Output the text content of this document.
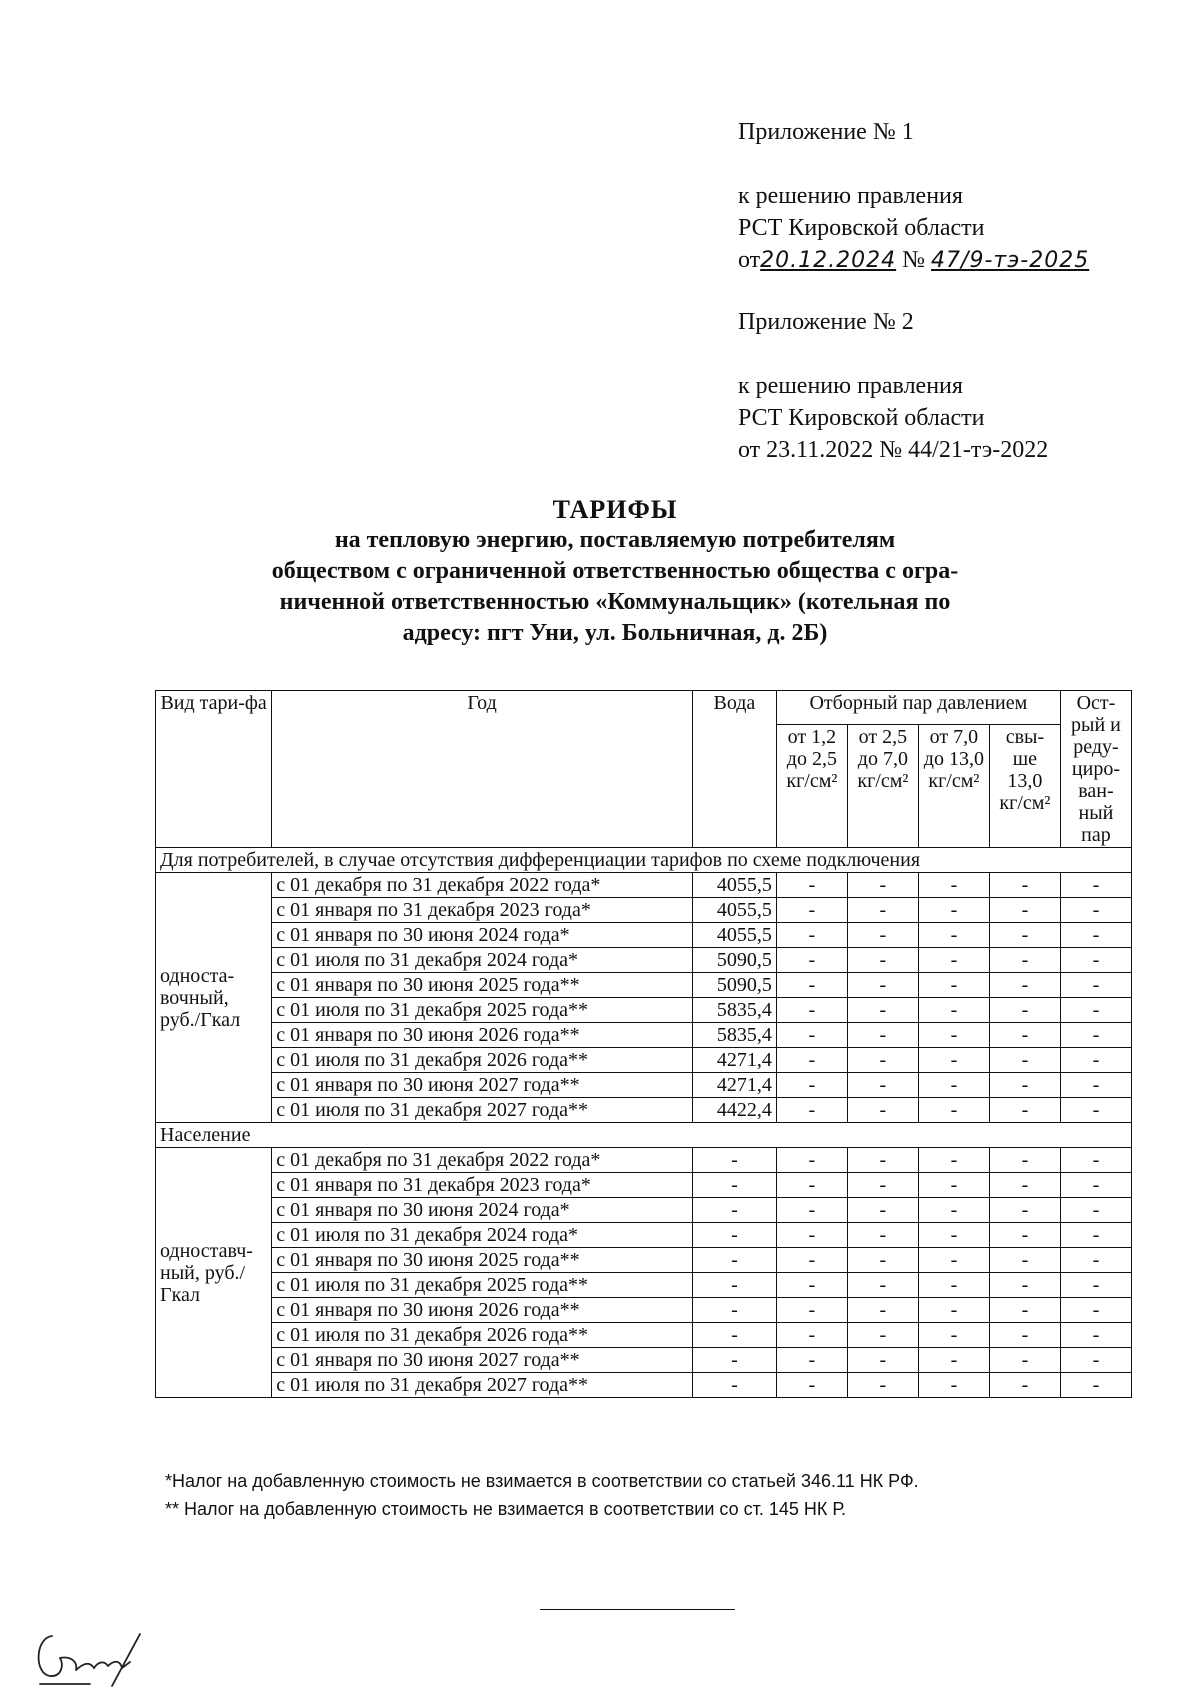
Приложение № 1
к решению правления
РСТ Кировской области
от20.12.2024 № 47/9-тэ-2025
Приложение № 2
к решению правления
РСТ Кировской области
от 23.11.2022 № 44/21-тэ-2022
ТАРИФЫ
на тепловую энергию, поставляемую потребителям
обществом с ограниченной ответственностью общества с огра-
ниченной ответственностью «Коммунальщик» (котельная по
адресу: пгт Уни, ул. Больничная, д. 2Б)
Вид тари-фа	Год	Вода	Отборный пар давлением				Ост-рый и реду-циро-ван-ный пар
			от 1,2 до 2,5 кг/см²	от 2,5 до 7,0 кг/см²	от 7,0 до 13,0 кг/см²	свы-ше 13,0 кг/см²	
Для потребителей, в случае отсутствия дифференциации тарифов по схеме подключения							
односта-вочный, руб./Гкал	с 01 декабря по 31 декабря 2022 года*	4055,5	-	-	-	-	-
	с 01 января по 31 декабря 2023 года*	4055,5	-	-	-	-	-
	с 01 января по 30 июня 2024 года*	4055,5	-	-	-	-	-
	с 01 июля по 31 декабря 2024 года*	5090,5	-	-	-	-	-
	с 01 января по 30 июня 2025 года**	5090,5	-	-	-	-	-
	с 01 июля по 31 декабря 2025 года**	5835,4	-	-	-	-	-
	с 01 января по 30 июня 2026 года**	5835,4	-	-	-	-	-
	с 01 июля по 31 декабря 2026 года**	4271,4	-	-	-	-	-
	с 01 января по 30 июня 2027 года**	4271,4	-	-	-	-	-
	с 01 июля по 31 декабря 2027 года**	4422,4	-	-	-	-	-
Население							
одноставч-ный, руб./Гкал	с 01 декабря по 31 декабря 2022 года*	-	-	-	-	-	-
	с 01 января по 31 декабря 2023 года*	-	-	-	-	-	-
	с 01 января по 30 июня 2024 года*	-	-	-	-	-	-
	с 01 июля по 31 декабря 2024 года*	-	-	-	-	-	-
	с 01 января по 30 июня 2025 года**	-	-	-	-	-	-
	с 01 июля по 31 декабря 2025 года**	-	-	-	-	-	-
	с 01 января по 30 июня 2026 года**	-	-	-	-	-	-
	с 01 июля по 31 декабря 2026 года**	-	-	-	-	-	-
	с 01 января по 30 июня 2027 года**	-	-	-	-	-	-
	с 01 июля по 31 декабря 2027 года**	-	-	-	-	-	-
*Налог на добавленную стоимость не взимается в соответствии со статьей 346.11 НК РФ.
** Налог на добавленную стоимость не взимается в соответствии со ст. 145 НК Р.
